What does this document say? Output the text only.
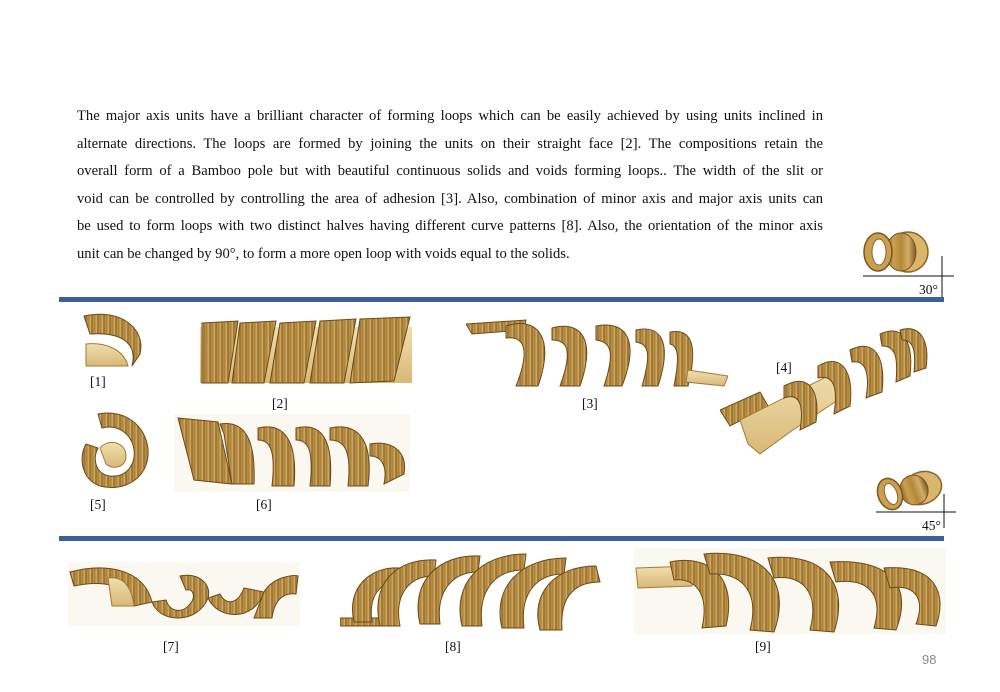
The major axis units have a brilliant character of forming loops which can be easily achieved by using units inclined in
alternate directions. The loops are formed by joining the units on their straight face [2]. The compositions retain the
overall form of a Bamboo pole but with beautiful continuous solids and voids forming loops.. The width of the slit or
void can be controlled by controlling the area of adhesion [3]. Also, combination of minor axis and major axis units can
be used to form loops with two distinct halves having different curve patterns [8]. Also, the orientation of the minor axis
unit can be changed by 90°, to form a more open loop with voids equal to the solids.

30°
[1]
[2]	[3]
[4]
[5]	[6]
45°
[7]	[8]	[9]
98
